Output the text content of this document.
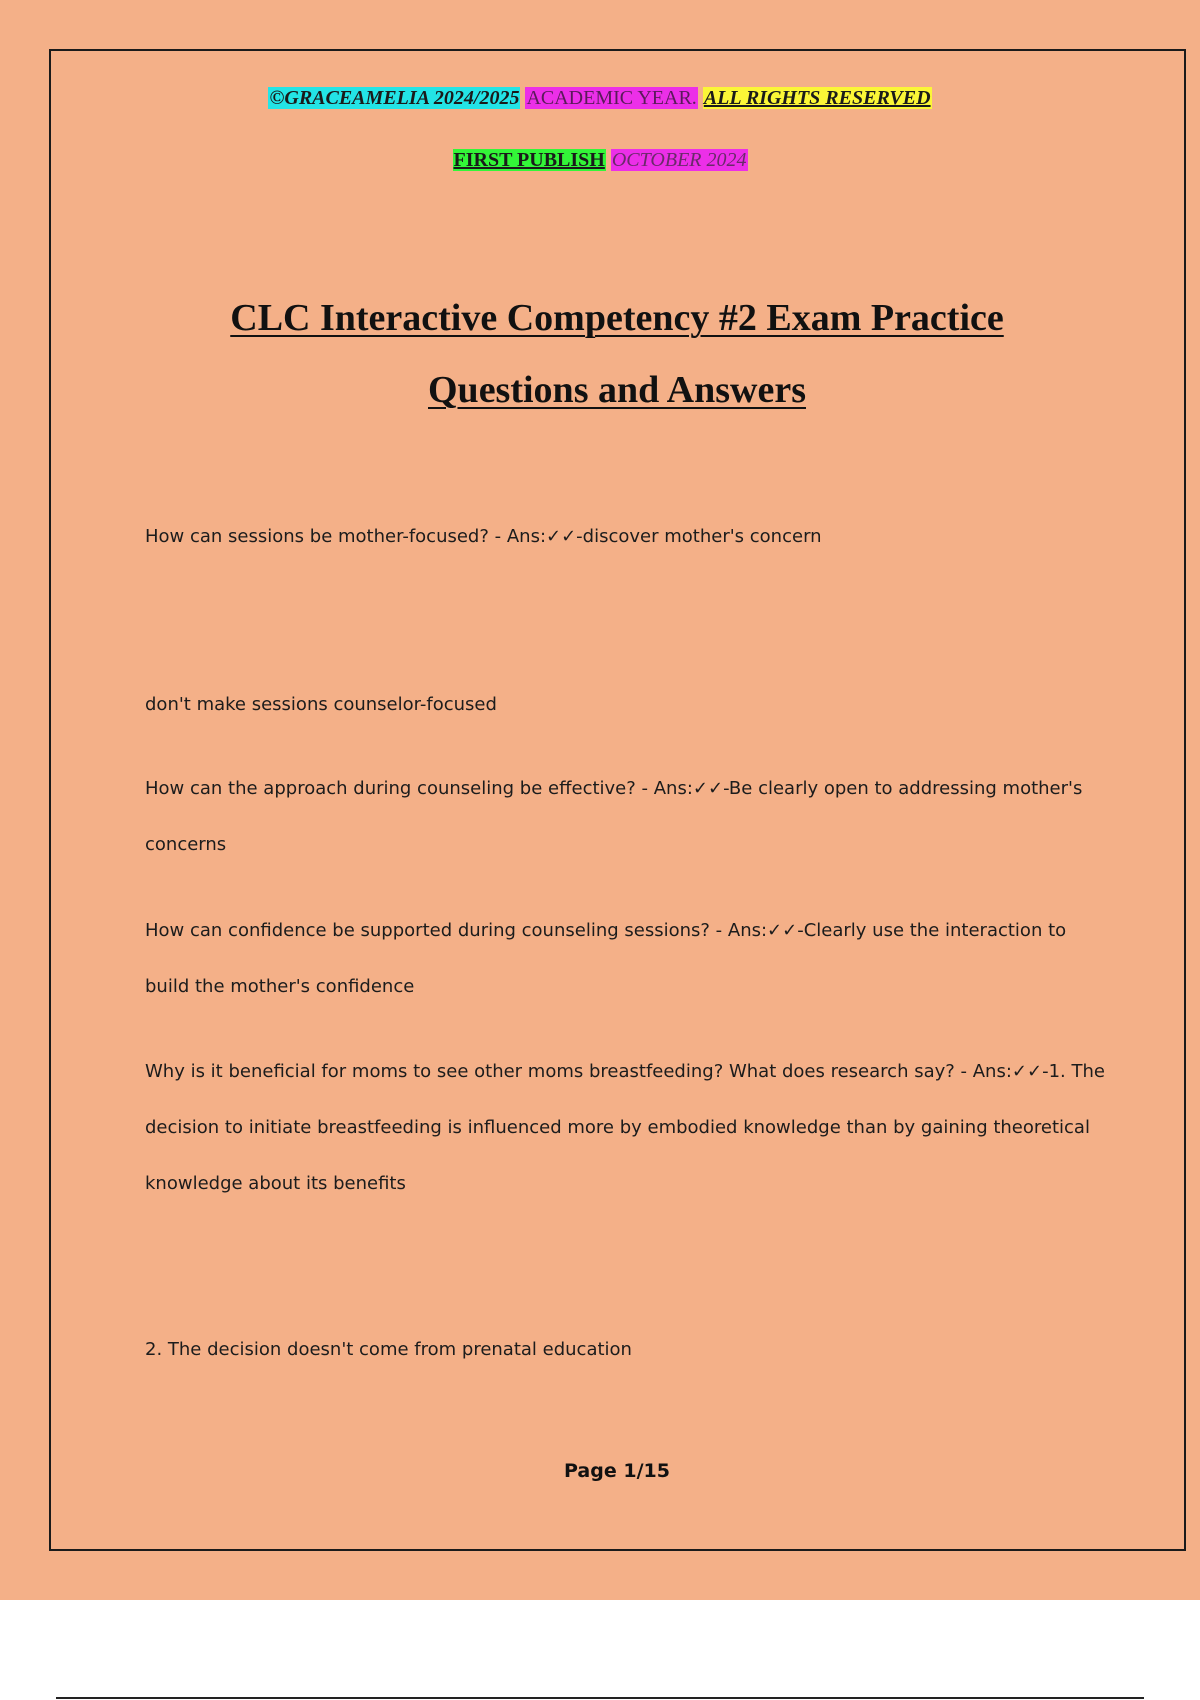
©GRACEAMELIA 2024/2025 ACADEMIC YEAR. ALL RIGHTS RESERVED
FIRST PUBLISH OCTOBER 2024
CLC Interactive Competency #2 Exam Practice
Questions and Answers
How can sessions be mother-focused? - Ans:✓✓-discover mother's concern
don't make sessions counselor-focused
How can the approach during counseling be effective? - Ans:✓✓-Be clearly open to addressing mother's concerns
How can confidence be supported during counseling sessions? - Ans:✓✓-Clearly use the interaction to build the mother's confidence
Why is it beneficial for moms to see other moms breastfeeding? What does research say? - Ans:✓✓-1. The decision to initiate breastfeeding is influenced more by embodied knowledge than by gaining theoretical knowledge about its benefits
2. The decision doesn't come from prenatal education
Page 1/15
